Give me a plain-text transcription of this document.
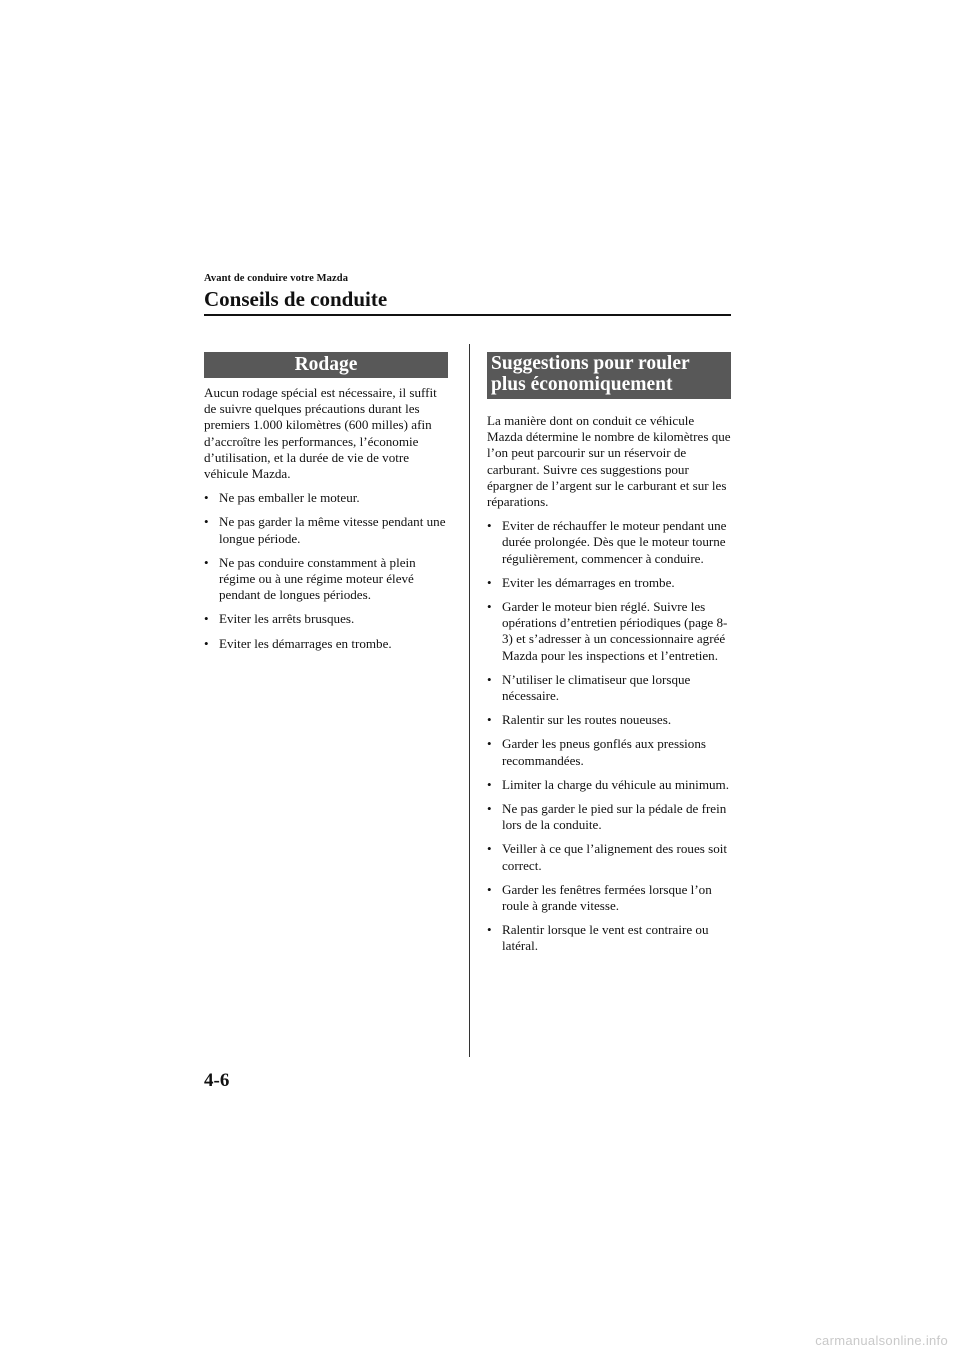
Avant de conduire votre Mazda
Conseils de conduite
Rodage

Aucun rodage spécial est nécessaire, il suffit de suivre quelques précautions durant les premiers 1.000 kilomètres (600 milles) afin d’accroître les performances, l’économie d’utilisation, et la durée de vie de votre véhicule Mazda.

• Ne pas emballer le moteur.
• Ne pas garder la même vitesse pendant une longue période.
• Ne pas conduire constamment à plein régime ou à une régime moteur élevé pendant de longues périodes.
• Eviter les arrêts brusques.
• Eviter les démarrages en trombe.
Suggestions pour rouler plus économiquement

La manière dont on conduit ce véhicule Mazda détermine le nombre de kilomètres que l’on peut parcourir sur un réservoir de carburant. Suivre ces suggestions pour épargner de l’argent sur le carburant et sur les réparations.

• Eviter de réchauffer le moteur pendant une durée prolongée. Dès que le moteur tourne régulièrement, commencer à conduire.
• Eviter les démarrages en trombe.
• Garder le moteur bien réglé. Suivre les opérations d’entretien périodiques (page 8-3) et s’adresser à un concessionnaire agréé Mazda pour les inspections et l’entretien.
• N’utiliser le climatiseur que lorsque nécessaire.
• Ralentir sur les routes noueuses.
• Garder les pneus gonflés aux pressions recommandées.
• Limiter la charge du véhicule au minimum.
• Ne pas garder le pied sur la pédale de frein lors de la conduite.
• Veiller à ce que l’alignement des roues soit correct.
• Garder les fenêtres fermées lorsque l’on roule à grande vitesse.
• Ralentir lorsque le vent est contraire ou latéral.
4-6
carmanualsonline.info
